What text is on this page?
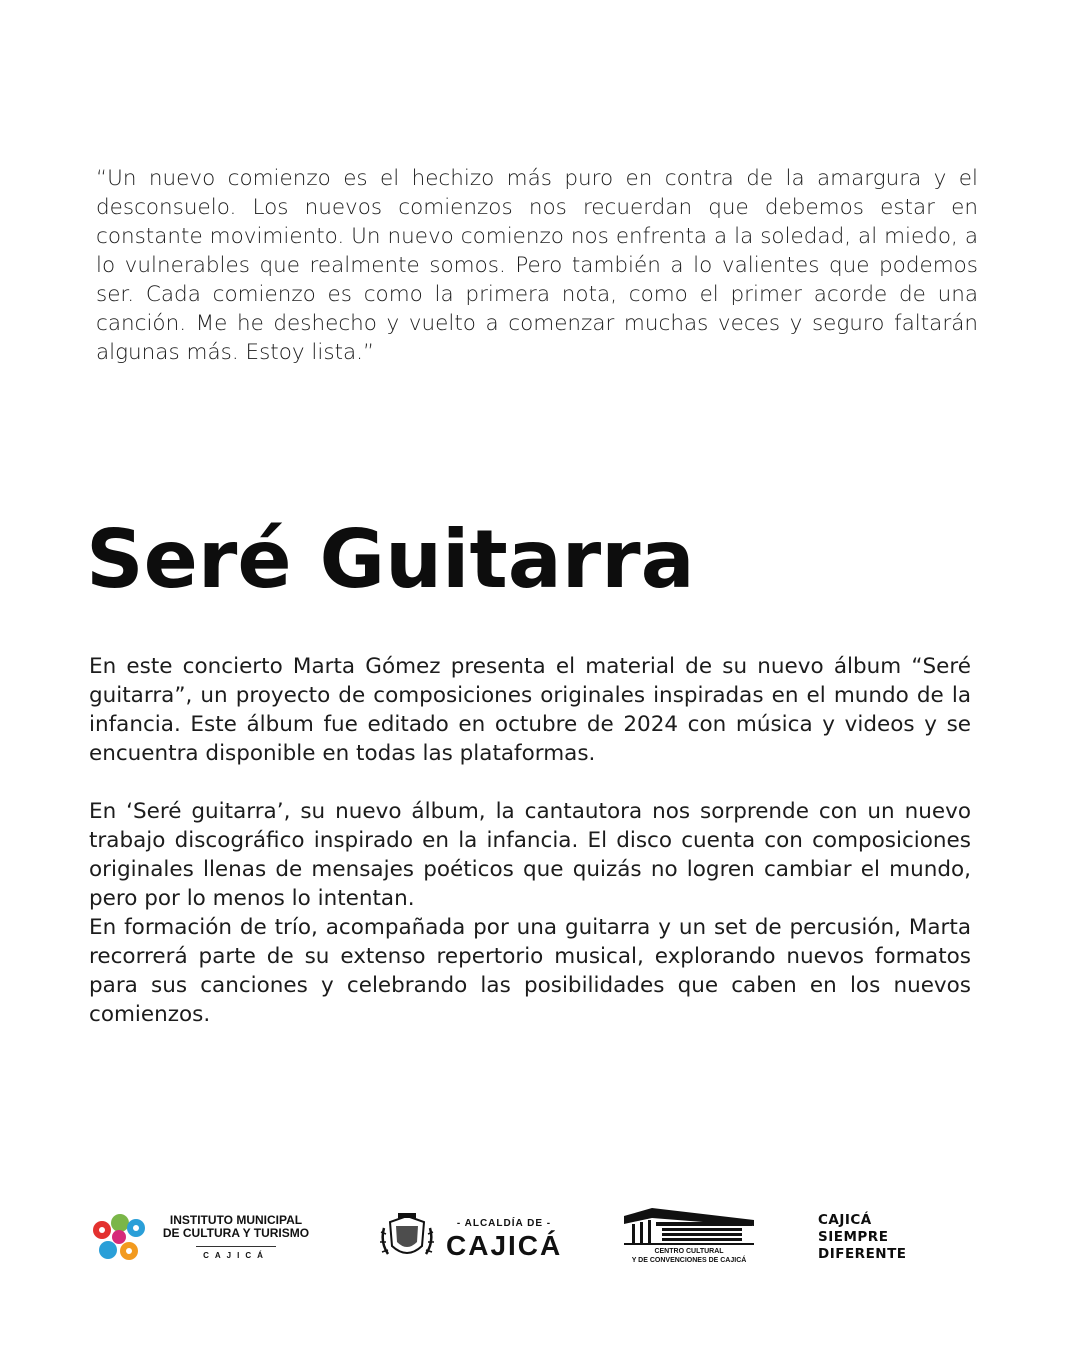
“Un nuevo comienzo es el hechizo más puro en contra de la amargura y el desconsuelo. Los nuevos comienzos nos recuerdan que debemos estar en constante movimiento. Un nuevo comienzo nos enfrenta a la soledad, al miedo, a lo vulnerables que realmente somos. Pero también a lo valientes que podemos ser. Cada comienzo es como la primera nota, como el primer acorde de una canción. Me he deshecho y vuelto a comenzar muchas veces y seguro faltarán algunas más. Estoy lista.”

Seré Guitarra

En este concierto Marta Gómez presenta el material de su nuevo álbum “Seré guitarra”, un proyecto de composiciones originales inspiradas en el mundo de la infancia. Este álbum fue editado en octubre de 2024 con música y videos y se encuentra disponible en todas las plataformas.

En ‘Seré guitarra’, su nuevo álbum, la cantautora nos sorprende con un nuevo trabajo discográfico inspirado en la infancia. El disco cuenta con composiciones originales llenas de mensajes poéticos que quizás no logren cambiar el mundo, pero por lo menos lo intentan.

En formación de trío, acompañada por una guitarra y un set de percusión, Marta recorrerá parte de su extenso repertorio musical, explorando nuevos formatos para sus canciones y celebrando las posibilidades que caben en los nuevos comienzos.

INSTITUTO MUNICIPAL
DE CULTURA Y TURISMO
CAJICÁ
- ALCALDÍA DE -
CAJICÁ	CENTRO CULTURAL
Y DE CONVENCIONES DE CAJICÁ
CAJICÁ
SIEMPRE
DIFERENTE
